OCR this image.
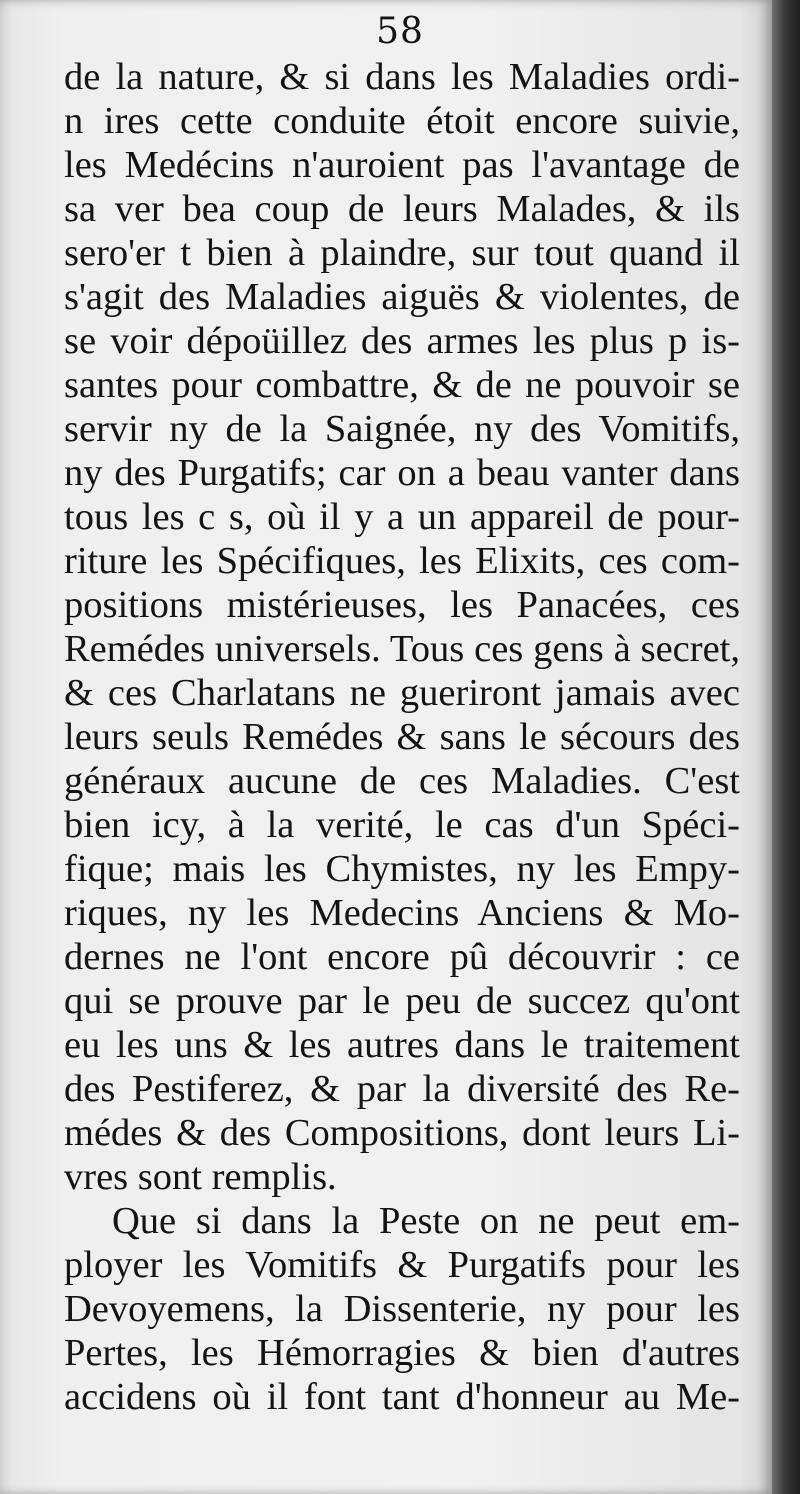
58
de la nature, & si dans les Maladies ordi-
n ires cette conduite étoit encore suivie,
les Medécins n'auroient pas l'avantage de
sa ver bea coup de leurs Malades, & ils
sero'er t bien à plaindre, sur tout quand il
s'agit des Maladies aiguës & violentes, de
se voir dépoüillez des armes les plus p is-
santes pour combattre, & de ne pouvoir se
servir ny de la Saignée, ny des Vomitifs,
ny des Purgatifs; car on a beau vanter dans
tous les c s, où il y a un appareil de pour-
riture les Spécifiques, les Elixits, ces com-
positions mistérieuses, les Panacées, ces
Remédes universels. Tous ces gens à secret,
& ces Charlatans ne gueriront jamais avec
leurs seuls Remédes & sans le sécours des
généraux aucune de ces Maladies. C'est
bien icy, à la verité, le cas d'un Spéci-
fique; mais les Chymistes, ny les Empy-
riques, ny les Medecins Anciens & Mo-
dernes ne l'ont encore pû découvrir : ce
qui se prouve par le peu de succez qu'ont
eu les uns & les autres dans le traitement
des Pestiferez, & par la diversité des Re-
médes & des Compositions, dont leurs Li-
vres sont remplis.
Que si dans la Peste on ne peut em-
ployer les Vomitifs & Purgatifs pour les
Devoyemens, la Dissenterie, ny pour les
Pertes, les Hémorragies & bien d'autres
accidens où il font tant d'honneur au Me-
